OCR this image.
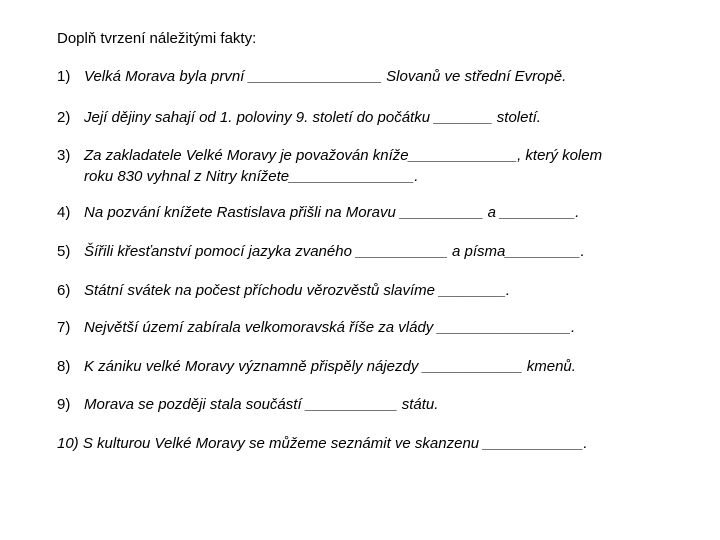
Doplň tvrzení náležitými fakty:
1) Velká Morava byla první ________________ Slovanů ve střední Evropě.
2) Její dějiny sahají od 1. poloviny 9. století do počátku _______ století.
3) Za zakladatele Velké Moravy je považován kníže_____________, který kolem
roku 830 vyhnal z Nitry knížete_______________.
4) Na pozvání knížete Rastislava přišli na Moravu __________ a _________.
5) Šířili křesťanství pomocí jazyka zvaného ___________ a písma_________.
6) Státní svátek na počest příchodu věrozvěstů slavíme ________.
7) Největší území zabírala velkomoravská říše za vlády ________________.
8) K zániku velké Moravy významně přispěly nájezdy ____________ kmenů.
9) Morava se později stala součástí ___________ státu.
10) S kulturou Velké Moravy se můžeme seznámit ve skanzenu ____________.
